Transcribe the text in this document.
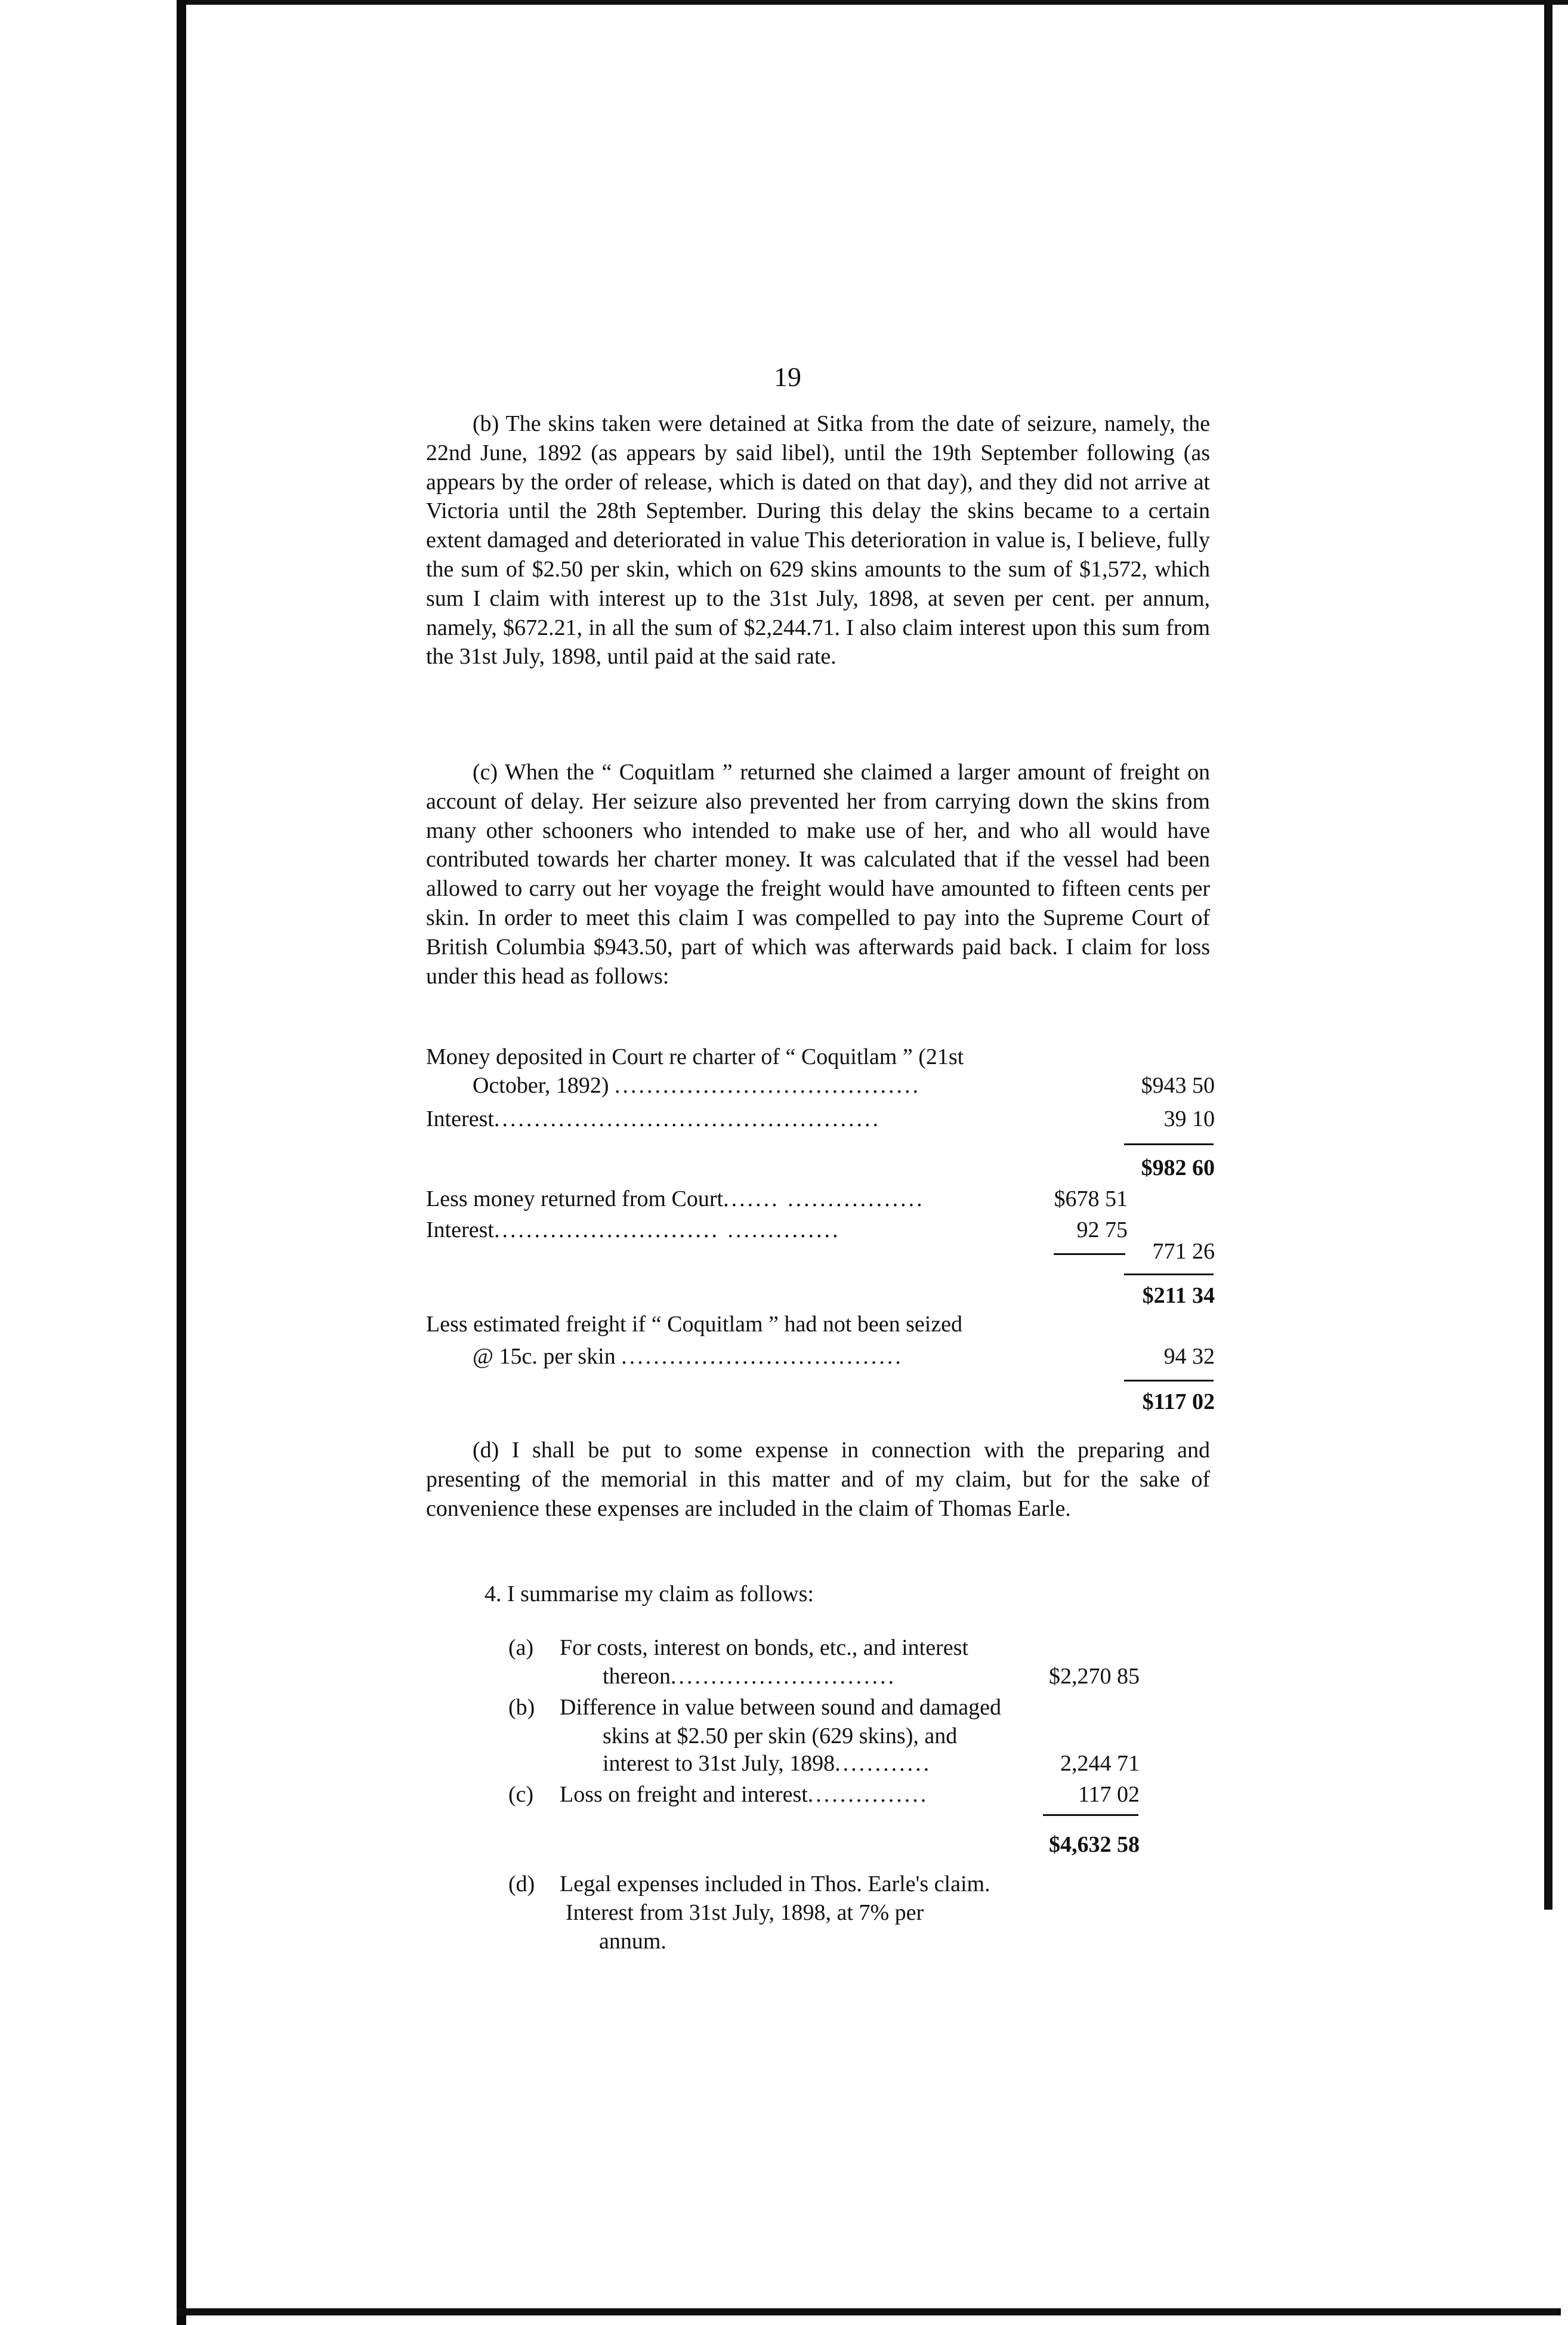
19

(b) The skins taken were detained at Sitka from the date of seizure, namely, the 22nd June, 1892 (as appears by said libel), until the 19th September following (as appears by the order of release, which is dated on that day), and they did not arrive at Victoria until the 28th September. During this delay the skins became to a certain extent damaged and deteriorated in value This deterioration in value is, I believe, fully the sum of $2.50 per skin, which on 629 skins amounts to the sum of $1,572, which sum I claim with interest up to the 31st July, 1898, at seven per cent. per annum, namely, $672.21, in all the sum of $2,244.71. I also claim interest upon this sum from the 31st July, 1898, until paid at the said rate.

(c) When the “ Coquitlam ” returned she claimed a larger amount of freight on account of delay. Her seizure also prevented her from carrying down the skins from many other schooners who intended to make use of her, and who all would have contributed towards her charter money. It was calculated that if the vessel had been allowed to carry out her voyage the freight would have amounted to fifteen cents per skin. In order to meet this claim I was compelled to pay into the Supreme Court of British Columbia $943.50, part of which was afterwards paid back. I claim for loss under this head as follows:

Money deposited in Court re charter of “ Coquitlam ” (21st
October, 1892) ......................................	$943 50
Interest................................................	39 10
$982 60
Less money returned from Court....... .................	$678 51
Interest............................ ..............	92 75
771 26
$211 34
Less estimated freight if “ Coquitlam ” had not been seized
@ 15c. per skin ...................................	94 32
$117 02

(d) I shall be put to some expense in connection with the preparing and presenting of the memorial in this matter and of my claim, but for the sake of convenience these expenses are included in the claim of Thomas Earle.

4. I summarise my claim as follows:
(a) For costs, interest on bonds, etc., and interest
thereon............................	$2,270 85
(b) Difference in value between sound and damaged
skins at $2.50 per skin (629 skins), and
interest to 31st July, 1898............	2,244 71
(c) Loss on freight and interest...............	117 02
$4,632 58
(d) Legal expenses included in Thos. Earle's claim.
Interest from 31st July, 1898, at 7% per
annum.
